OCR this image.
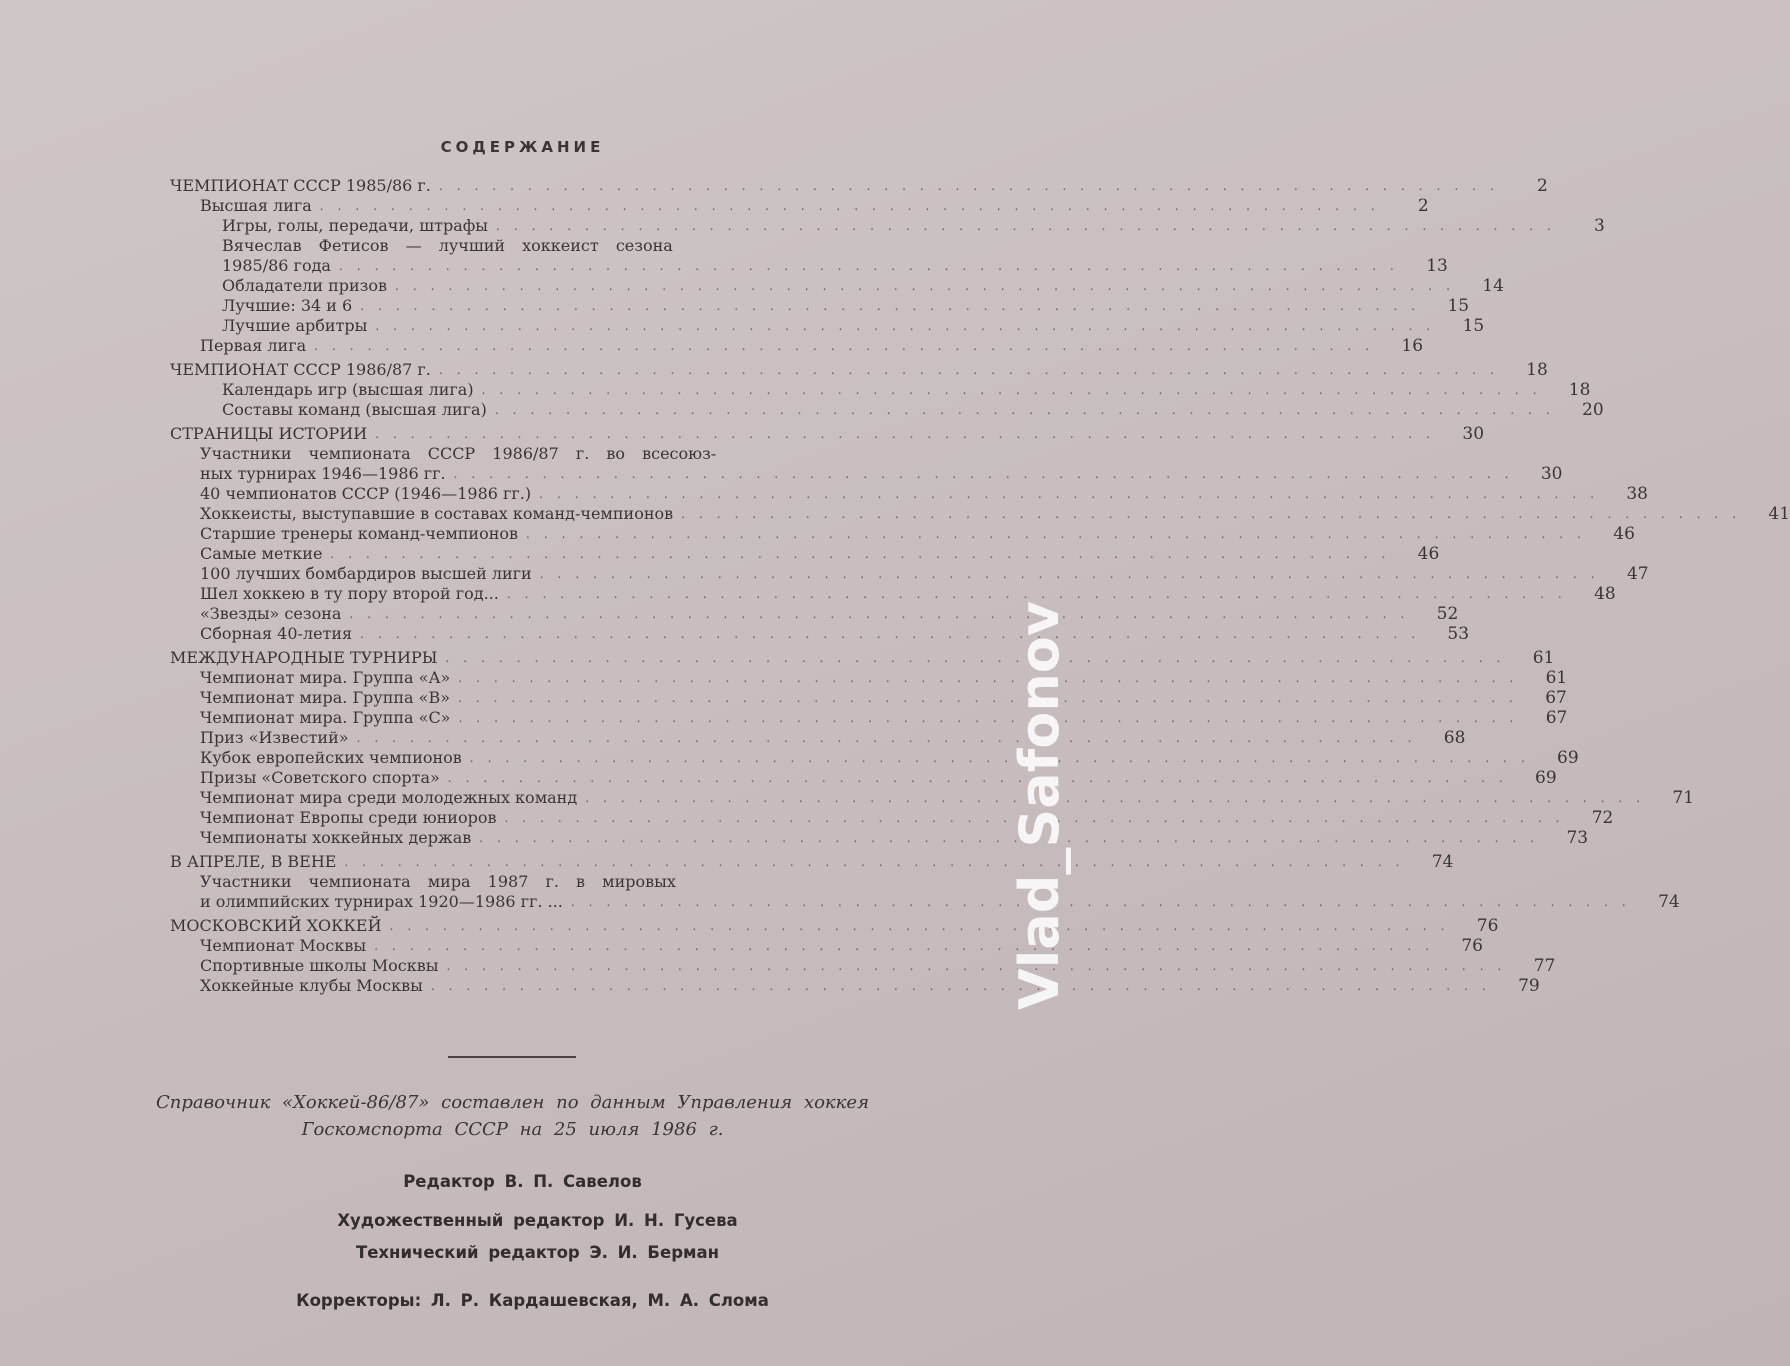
СОДЕРЖАНИЕ
ЧЕМПИОНАТ СССР 1985/86 г. ............................................................	2
Высшая лига ............................................................	2
Игры, голы, передачи, штрафы ............................................................	3
Вячеслав Фетисов — лучший хоккеист сезона
1985/86 года ............................................................	13
Обладатели призов ............................................................	14
Лучшие: 34 и 6 ............................................................	15
Лучшие арбитры ............................................................	15
Первая лига ............................................................	16
ЧЕМПИОНАТ СССР 1986/87 г. ............................................................	18
Календарь игр (высшая лига) ............................................................	18
Составы команд (высшая лига) ............................................................	20
СТРАНИЦЫ ИСТОРИИ ............................................................	30
Участники чемпионата СССР 1986/87 г. во всесоюз-
ных турнирах 1946—1986 гг. ............................................................	30
40 чемпионатов СССР (1946—1986 гг.) ............................................................	38
Хоккеисты, выступавшие в составах команд-чемпионов ............................................................	41
Старшие тренеры команд-чемпионов ............................................................	46
Самые меткие ............................................................	46
100 лучших бомбардиров высшей лиги ............................................................	47
Шел хоккею в ту пору второй год... ............................................................	48
«Звезды» сезона ............................................................	52
Сборная 40-летия ............................................................	53
МЕЖДУНАРОДНЫЕ ТУРНИРЫ ............................................................	61
Чемпионат мира. Группа «А» ............................................................	61
Чемпионат мира. Группа «В» ............................................................	67
Чемпионат мира. Группа «С» ............................................................	67
Приз «Известий» ............................................................	68
Кубок европейских чемпионов ............................................................	69
Призы «Советского спорта» ............................................................	69
Чемпионат мира среди молодежных команд ............................................................	71
Чемпионат Европы среди юниоров ............................................................	72
Чемпионаты хоккейных держав ............................................................	73
В АПРЕЛЕ, В ВЕНЕ ............................................................	74
Участники чемпионата мира 1987 г. в мировых
и олимпийских турнирах 1920—1986 гг. ... ............................................................	74
МОСКОВСКИЙ ХОККЕЙ ............................................................	76
Чемпионат Москвы ............................................................	76
Спортивные школы Москвы ............................................................	77
Хоккейные клубы Москвы ............................................................	79
Справочник «Хоккей-86/87» составлен по данным Управления хоккея
Госкомспорта СССР на 25 июля 1986 г.
Редактор В. П. Савелов
Художественный редактор И. Н. Гусева
Технический редактор Э. И. Берман
Корректоры: Л. Р. Кардашевская, М. А. Слома
Vlad_Safonov
